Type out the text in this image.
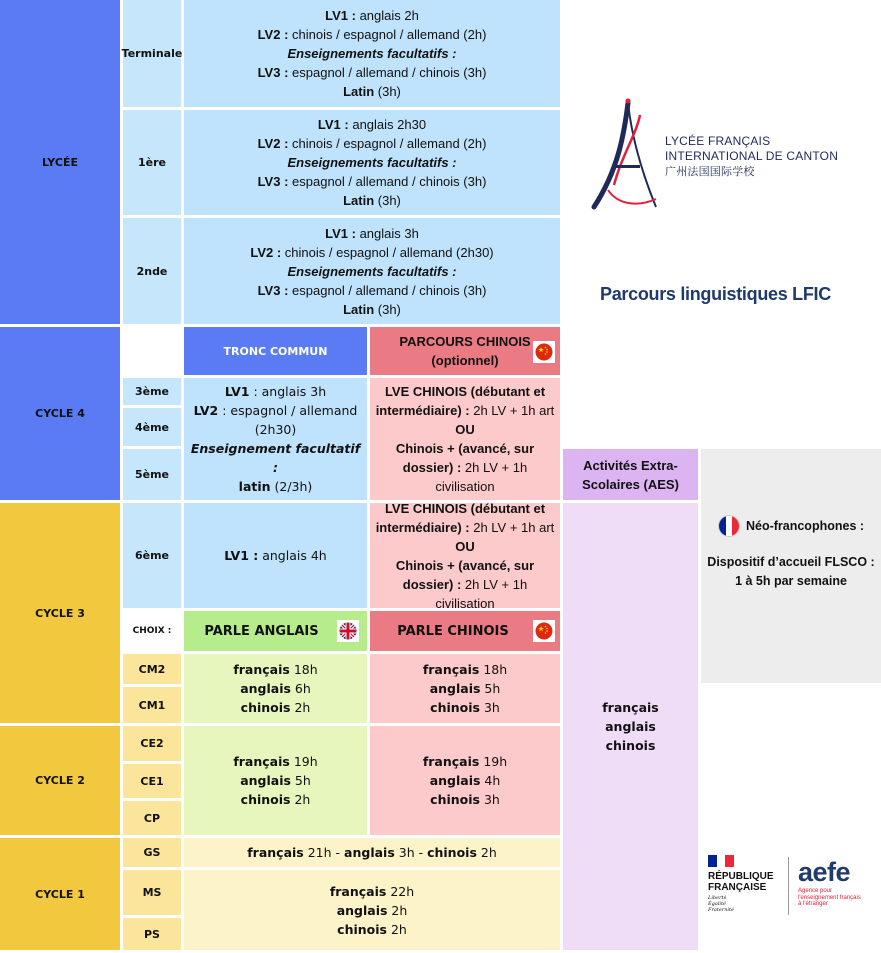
LYCÉE
CYCLE 4
CYCLE 3
CYCLE 2
CYCLE 1
Terminale
1ère
2nde
3ème
4ème
5ème
6ème
CHOIX :
CM2
CM1
CE2
CE1
CP
GS
MS
PS
LV1 : anglais 2h
LV2 : chinois / espagnol / allemand (2h)
Enseignements facultatifs :
LV3 : espagnol / allemand / chinois (3h)
Latin (3h)
LV1 : anglais 2h30
LV2 : chinois / espagnol / allemand (2h)
Enseignements facultatifs :
LV3 : espagnol / allemand / chinois (3h)
Latin (3h)
LV1 : anglais 3h
LV2 : chinois / espagnol / allemand (2h30)
Enseignements facultatifs :
LV3 : espagnol / allemand / chinois (3h)
Latin (3h)
TRONC COMMUN
PARCOURS CHINOIS
(optionnel)
LV1 : anglais 3h
LV2 : espagnol / allemand (2h30)
Enseignement facultatif :
latin (2/3h)
LVE CHINOIS (débutant et intermédiaire) : 2h LV + 1h art
OU
Chinois + (avancé, sur dossier) : 2h LV + 1h civilisation
LV1 : anglais 4h
LVE CHINOIS (débutant et intermédiaire) : 2h LV + 1h art
OU
Chinois + (avancé, sur dossier) : 2h LV + 1h civilisation
PARLE ANGLAIS	PARLE CHINOIS
français 18h
anglais 6h
chinois 2h
français 18h
anglais 5h
chinois 3h
français 19h
anglais 5h
chinois 2h
français 19h
anglais 4h
chinois 3h
français 21h - anglais 3h - chinois 2h
français 22h
anglais 2h
chinois 2h
Activités Extra-
Scolaires (AES)
français
anglais
chinois
Néo-francophones :
Dispositif d’accueil FLSCO :
1 à 5h par semaine
LYCÉE FRANÇAIS
INTERNATIONAL DE CANTON
广州法国国际学校
Parcours linguistiques LFIC
RÉPUBLIQUE
FRANÇAISE
Liberté
Égalité
Fraternité
aefe
Agence pour
l'enseignement français
à l'étranger
